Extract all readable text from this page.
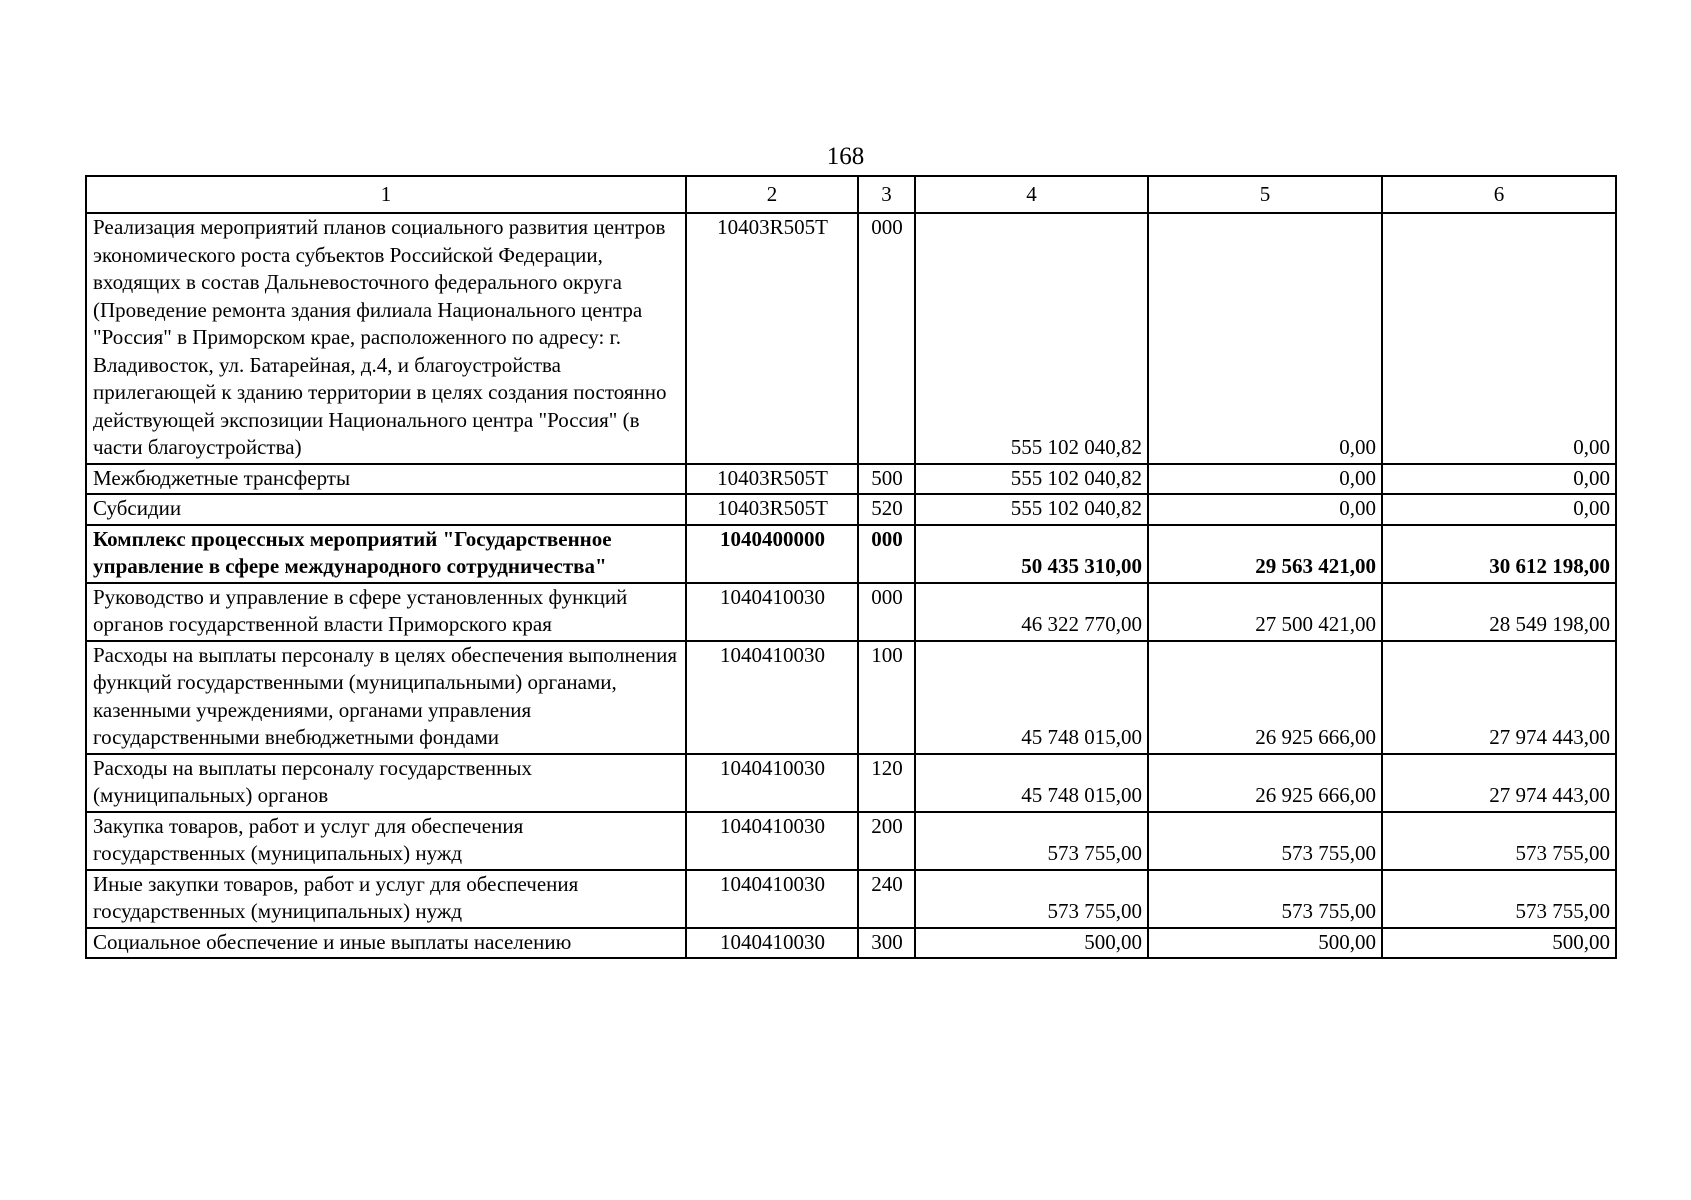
168
1	2	3	4	5	6
Реализация мероприятий планов социального развития центров экономического роста субъектов Российской Федерации, входящих в состав Дальневосточного федерального округа (Проведение ремонта здания филиала Национального центра "Россия" в Приморском крае, расположенного по адресу: г. Владивосток, ул. Батарейная, д.4, и благоустройства прилегающей к зданию территории в целях создания постоянно действующей экспозиции Национального центра "Россия" (в части благоустройства)	10403R505T	000	555 102 040,82	0,00	0,00
Межбюджетные трансферты	10403R505T	500	555 102 040,82	0,00	0,00
Субсидии	10403R505T	520	555 102 040,82	0,00	0,00
Комплекс процессных мероприятий "Государственное управление в сфере международного сотрудничества"	1040400000	000	50 435 310,00	29 563 421,00	30 612 198,00
Руководство и управление в сфере установленных функций органов государственной власти Приморского края	1040410030	000	46 322 770,00	27 500 421,00	28 549 198,00
Расходы на выплаты персоналу в целях обеспечения выполнения функций государственными (муниципальными) органами, казенными учреждениями, органами управления государственными внебюджетными фондами	1040410030	100	45 748 015,00	26 925 666,00	27 974 443,00
Расходы на выплаты персоналу государственных (муниципальных) органов	1040410030	120	45 748 015,00	26 925 666,00	27 974 443,00
Закупка товаров, работ и услуг для обеспечения государственных (муниципальных) нужд	1040410030	200	573 755,00	573 755,00	573 755,00
Иные закупки товаров, работ и услуг для обеспечения государственных (муниципальных) нужд	1040410030	240	573 755,00	573 755,00	573 755,00
Социальное обеспечение и иные выплаты населению	1040410030	300	500,00	500,00	500,00
